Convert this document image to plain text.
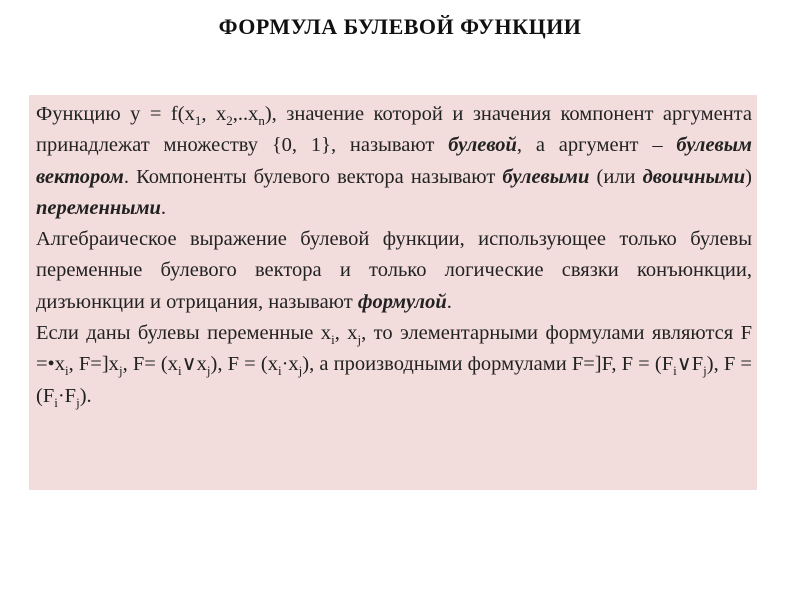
ФОРМУЛА БУЛЕВОЙ ФУНКЦИИ

Функцию $у = f(x_1$, $x_2,..x_n$), значение которой и значения компонент аргумента принадлежат множеству {0, 1}, называют булевой, а аргумент – булевым вектором. Компоненты булевого вектора называют булевыми (или двоичными) переменными.

Алгебраическое выражение булевой функции, использующее только булевы переменные булевого вектора и только логические связки конъюнкции, дизъюнкции и отрицания, называют формулой.

Если даны булевы переменные $x_i$, $x_j$, то элементарными формулами являются $F =•x_i$, $F=]x_j$, $F= (x_i\vee x_j)$, $F = (x_i\cdot x_j)$, а производными формулами F=]F, $F = (F_i\vee F_j)$, $F = (F_i\cdot F_j)$.
